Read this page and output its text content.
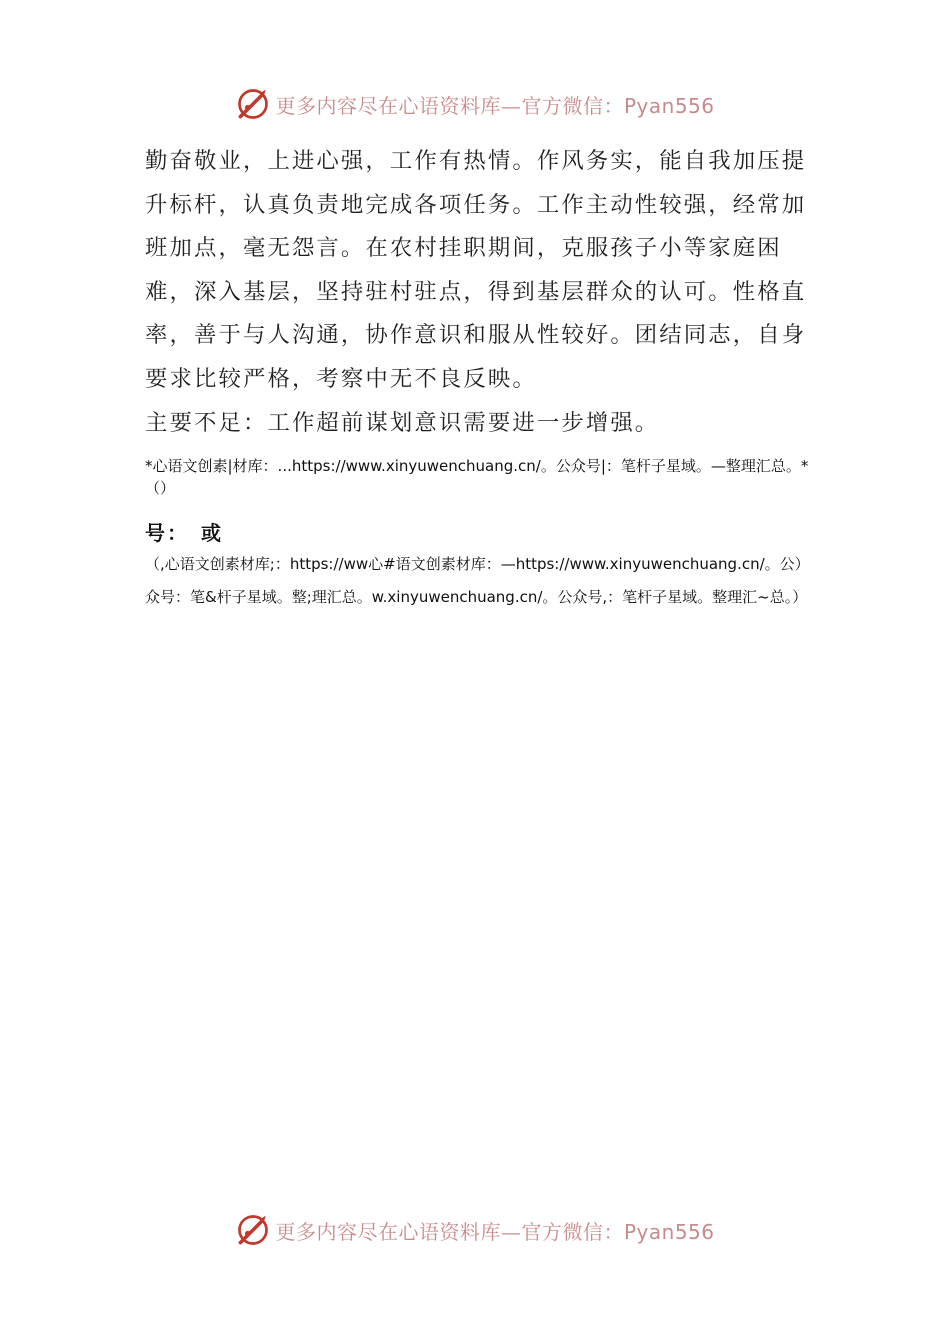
更多内容尽在心语资料库—官方微信：Pyan556

勤奋敬业，上进心强，工作有热情。作风务实，能自我加压提升标杆，认真负责地完成各项任务。工作主动性较强，经常加班加点，毫无怨言。在农村挂职期间，克服孩子小等家庭困难，深入基层，坚持驻村驻点，得到基层群众的认可。性格直率，善于与人沟通，协作意识和服从性较好。团结同志，自身要求比较严格，考察中无不良反映。

主要不足：工作超前谋划意识需要进一步增强。

*心语文创素|材库：...https://www.xinyuwenchuang.cn/。公众号|：笔杆子星域。—整理汇总。*（）

号：　或

（,心语文创素材库;：https://ww心#语文创素材库：—https://www.xinyuwenchuang.cn/。公）众号：笔&杆子星域。整;理汇总。w.xinyuwenchuang.cn/。公众号,：笔杆子星域。整理汇~总。）

更多内容尽在心语资料库—官方微信：Pyan556
